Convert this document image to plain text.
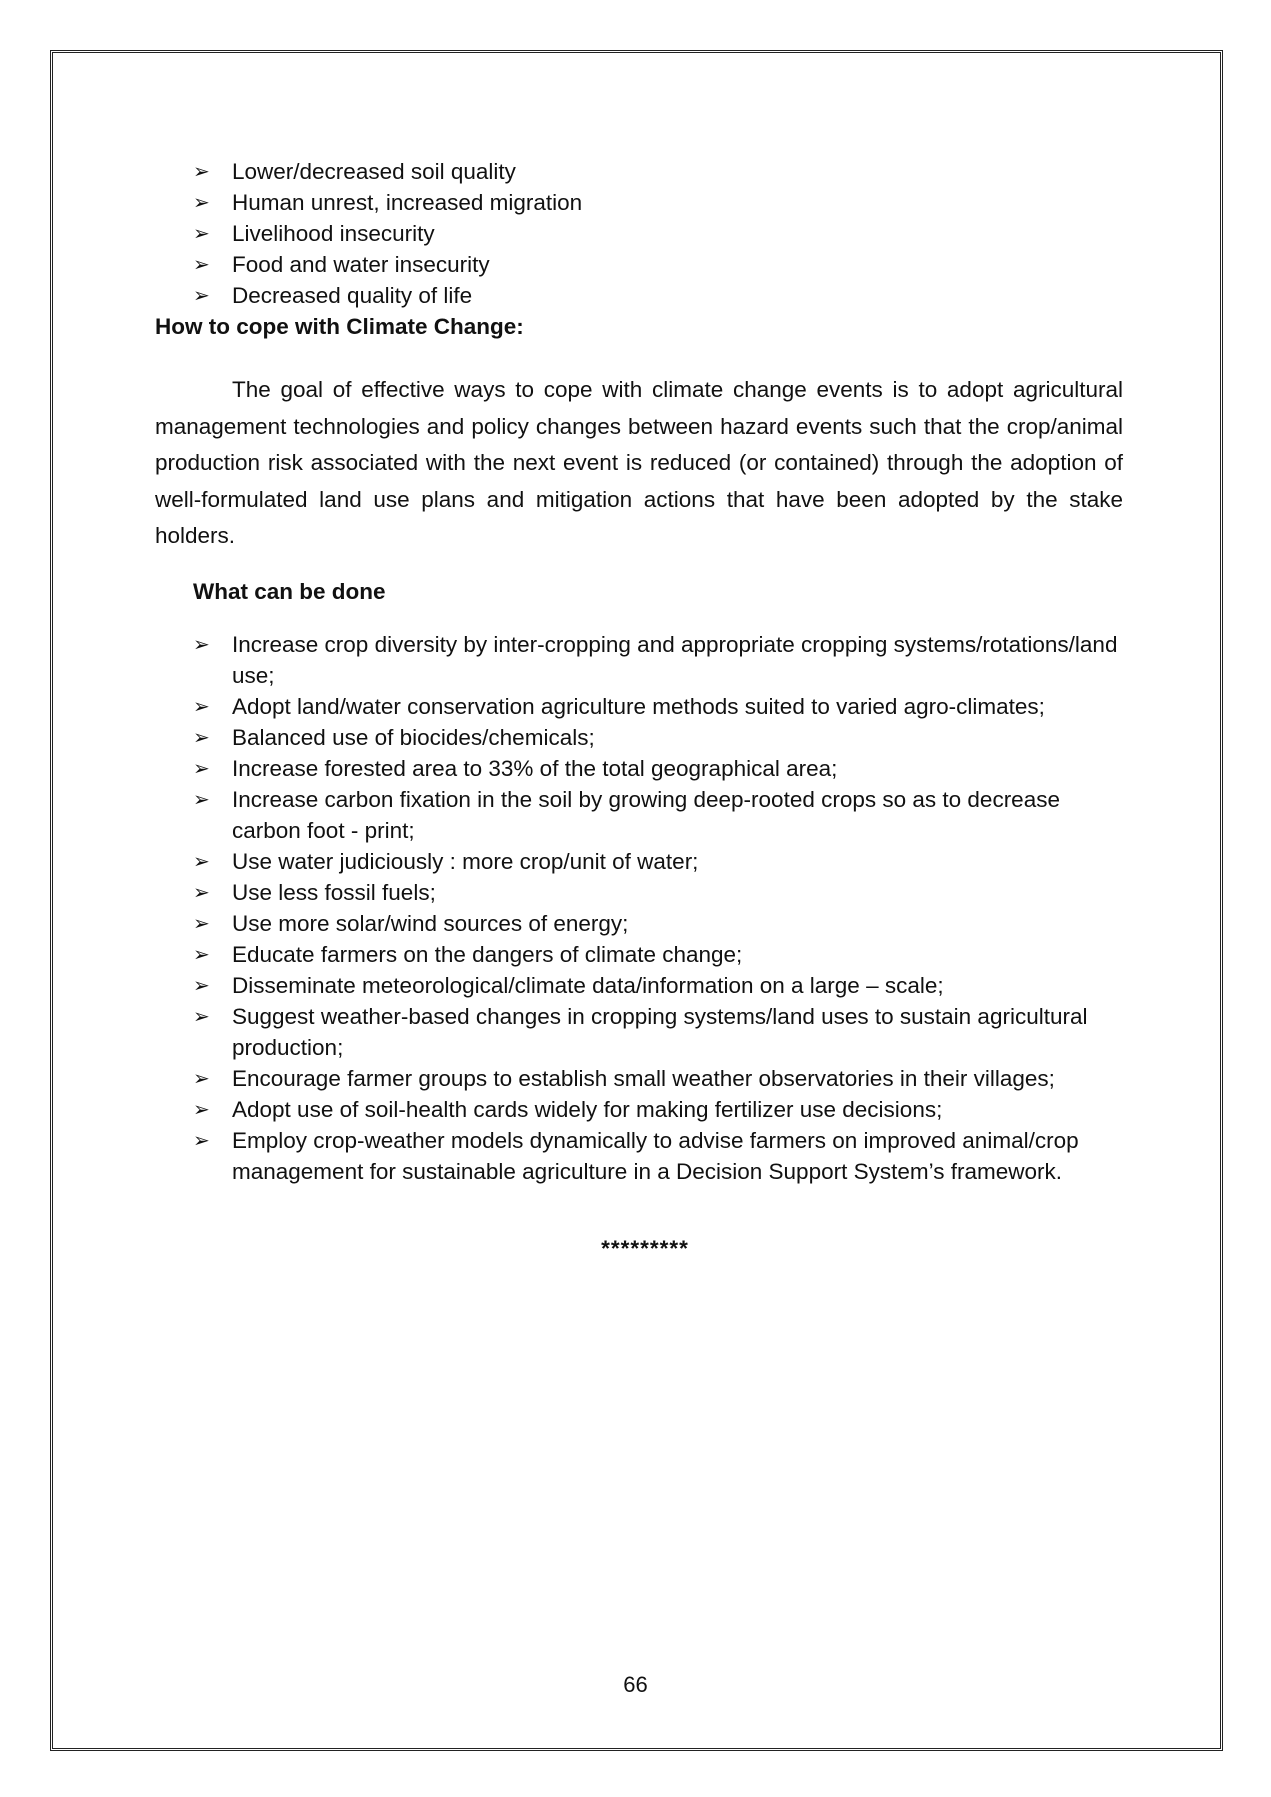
➢ Lower/decreased soil quality
➢ Human unrest, increased migration
➢ Livelihood insecurity
➢ Food and water insecurity
➢ Decreased quality of life

How to cope with Climate Change:

The goal of effective ways to cope with climate change events is to adopt agricultural management technologies and policy changes between hazard events such that the crop/animal production risk associated with the next event is reduced (or contained) through the adoption of well-formulated land use plans and mitigation actions that have been adopted by the stake holders.

What can be done

➢ Increase crop diversity by inter-cropping and appropriate cropping systems/rotations/land use;
➢ Adopt land/water conservation agriculture methods suited to varied agro-climates;
➢ Balanced use of biocides/chemicals;
➢ Increase forested area to 33% of the total geographical area;
➢ Increase carbon fixation in the soil by growing deep-rooted crops so as to decrease carbon foot - print;
➢ Use water judiciously : more crop/unit of water;
➢ Use less fossil fuels;
➢ Use more solar/wind sources of energy;
➢ Educate farmers on the dangers of climate change;
➢ Disseminate meteorological/climate data/information on a large – scale;
➢ Suggest weather-based changes in cropping systems/land uses to sustain agricultural production;
➢ Encourage farmer groups to establish small weather observatories in their villages;
➢ Adopt use of soil-health cards widely for making fertilizer use decisions;
➢ Employ crop-weather models dynamically to advise farmers on improved animal/crop management for sustainable agriculture in a Decision Support System’s framework.
*********
66
